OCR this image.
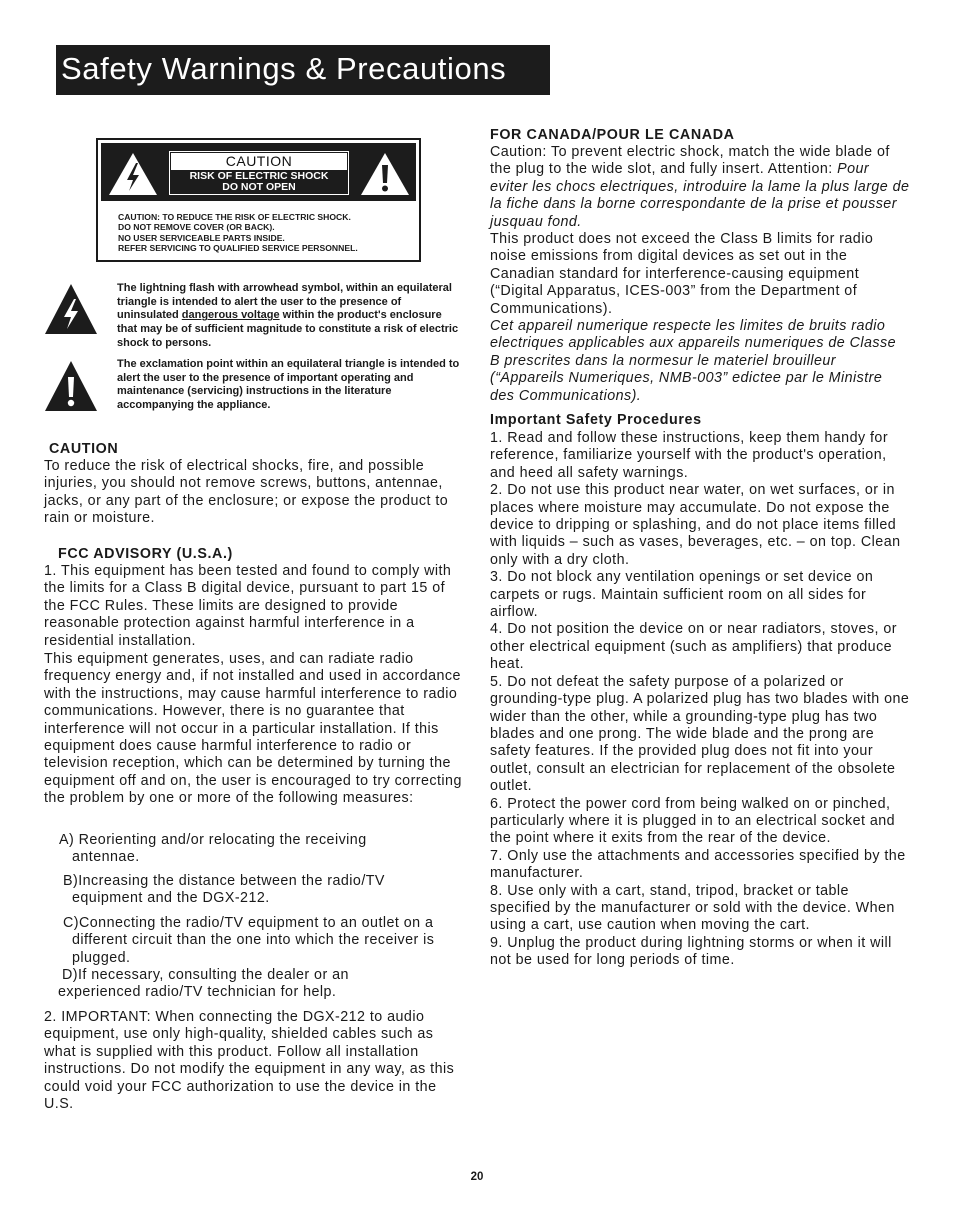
Safety Warnings & Precautions
CAUTION
RISK OF ELECTRIC SHOCK
DO NOT OPEN
CAUTION: TO REDUCE THE RISK OF ELECTRIC SHOCK.
DO NOT REMOVE COVER (OR BACK).
NO USER SERVICEABLE PARTS INSIDE.
REFER SERVICING TO QUALIFIED SERVICE PERSONNEL.
The lightning flash with arrowhead symbol, within an equilateral triangle is intended to alert the user to the presence of uninsulated dangerous voltage within the product's enclosure that may be of sufficient magnitude to constitute a risk of electric shock to persons.
The exclamation point within an equilateral triangle is intended to alert the user to the presence of important operating and maintenance (servicing) instructions in the literature accompanying the appliance.
CAUTION
To reduce the risk of electrical shocks, fire, and possible injuries, you should not remove screws, buttons, antennae, jacks, or any part of the enclosure; or expose the product to rain or moisture.
FCC ADVISORY (U.S.A.)
1. This equipment has been tested and found to comply with the limits for a Class B digital device, pursuant to part 15 of the FCC Rules. These limits are designed to provide reasonable protection against harmful interference in a residential installation.
This equipment generates, uses, and can radiate radio frequency energy and, if not installed and used in accordance with the instructions, may cause harmful interference to radio communications. However, there is no guarantee that interference will not occur in a particular installation. If this equipment does cause harmful interference to radio or television reception, which can be determined by turning the equipment off and on, the user is encouraged to try correcting the problem by one or more of the following measures:
A) Reorienting and/or relocating the receiving antennae.
B)Increasing the distance between the radio/TV equipment and the DGX-212.
C)Connecting the radio/TV equipment to an outlet on a different circuit than the one into which the receiver is plugged.
D)If necessary, consulting the dealer or an experienced radio/TV technician for help.
2. IMPORTANT: When connecting the DGX-212 to audio equipment, use only high-quality, shielded cables such as what is supplied with this product. Follow all installation instructions. Do not modify the equipment in any way, as this could void your FCC authorization to use the device in the U.S.
FOR CANADA/POUR LE CANADA
Caution: To prevent electric shock, match the wide blade of the plug to the wide slot, and fully insert. Attention: Pour eviter les chocs electriques, introduire la lame la plus large de la fiche dans la borne correspondante de la prise et pousser jusquau fond.
This product does not exceed the Class B limits for radio noise emissions from digital devices as set out in the Canadian standard for interference-causing equipment (“Digital Apparatus, ICES-003” from the Department of Communications).
Cet appareil numerique respecte les limites de bruits radio electriques applicables aux appareils numeriques de Classe B prescrites dans la normesur le materiel brouilleur (“Appareils Numeriques, NMB-003” edictee par le Ministre des Communications).
Important Safety Procedures
1. Read and follow these instructions, keep them handy for reference, familiarize yourself with the product's operation, and heed all safety warnings.
2. Do not use this product near water, on wet surfaces, or in places where moisture may accumulate. Do not expose the device to dripping or splashing, and do not place items filled with liquids – such as vases, beverages, etc. – on top. Clean only with a dry cloth.
3. Do not block any ventilation openings or set device on carpets or rugs. Maintain sufficient room on all sides for airflow.
4. Do not position the device on or near radiators, stoves, or other electrical equipment (such as amplifiers) that produce heat.
5. Do not defeat the safety purpose of a polarized or grounding-type plug. A polarized plug has two blades with one wider than the other, while a grounding-type plug has two blades and one prong. The wide blade and the prong are safety features. If the provided plug does not fit into your outlet, consult an electrician for replacement of the obsolete outlet.
6. Protect the power cord from being walked on or pinched, particularly where it is plugged in to an electrical socket and the point where it exits from the rear of the device.
7. Only use the attachments and accessories specified by the manufacturer.
8. Use only with a cart, stand, tripod, bracket or table specified by the manufacturer or sold with the device. When using a cart, use caution when moving the cart.
9. Unplug the product during lightning storms or when it will not be used for long periods of time.
20
